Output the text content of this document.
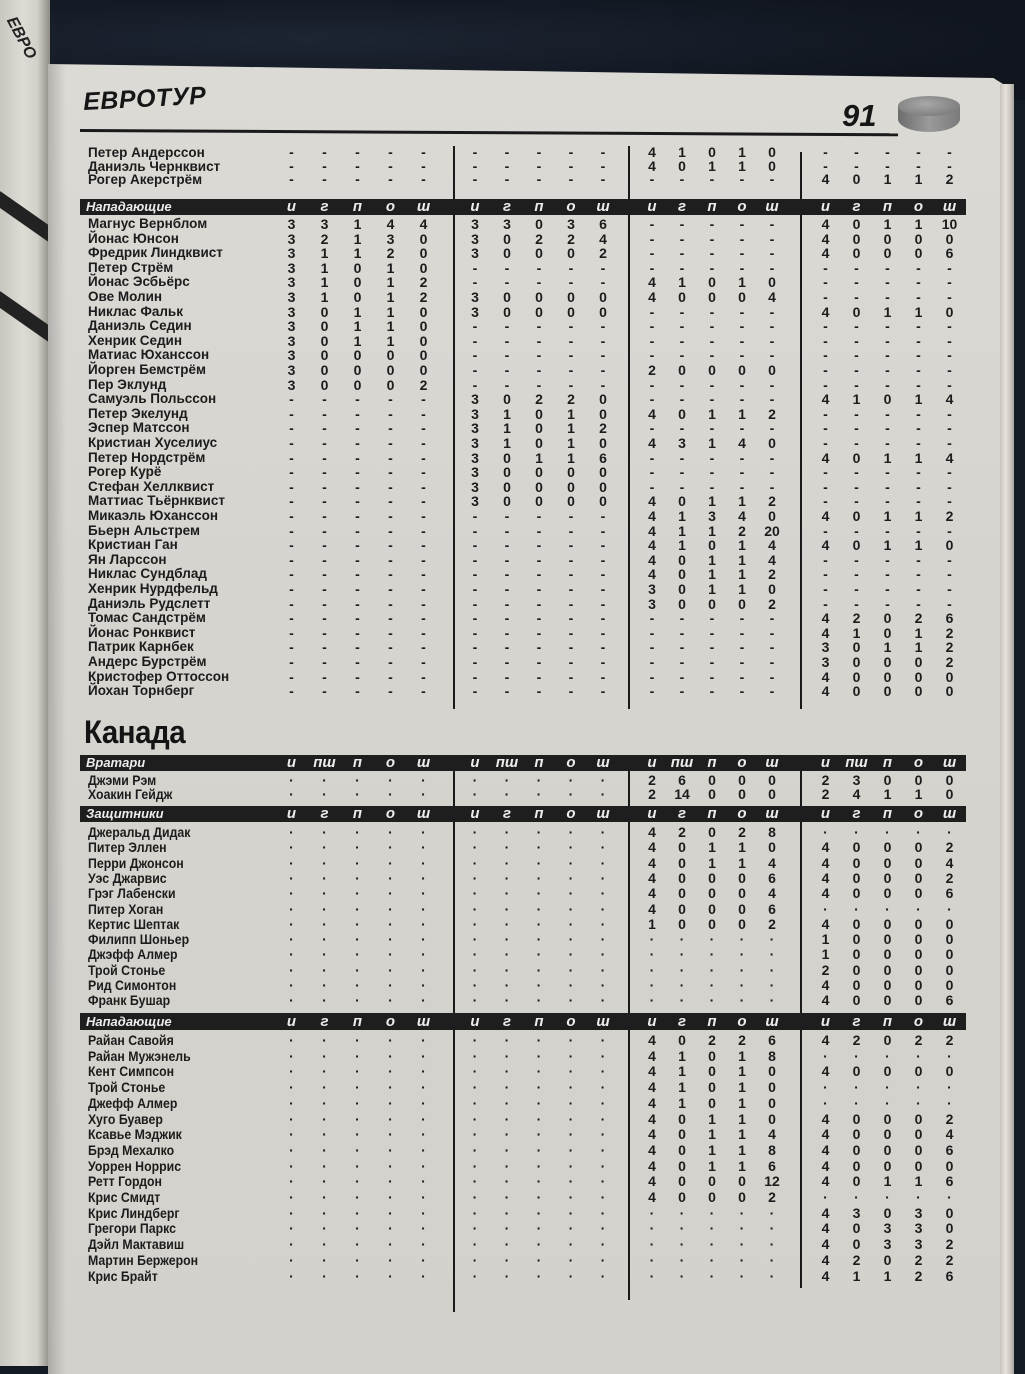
ЕВРО
ЕВРОТУР	91
Петер Андерссон	-	-	-	-	-	-	-	-	-	-	4	1	0	1	0	-	-	-	-	-
Даниэль Чернквист	-	-	-	-	-	-	-	-	-	-	4	0	1	1	0	-	-	-	-	-
Рогер Акерстрём	-	-	-	-	-	-	-	-	-	-	-	-	-	-	-	4	0	1	1	2
Нападающие	и	г	п	о	ш	и	г	п	о	ш	и	г	п	о	ш	и	г	п	о	ш
Магнус Вернблом	3	3	1	4	4	3	3	0	3	6	-	-	-	-	-	4	0	1	1	10
Йонас Юнсон	3	2	1	3	0	3	0	2	2	4	-	-	-	-	-	4	0	0	0	0
Фредрик Линдквист	3	1	1	2	0	3	0	0	0	2	-	-	-	-	-	4	0	0	0	6
Петер Стрём	3	1	0	1	0	-	-	-	-	-	-	-	-	-	-	-	-	-	-	-
Йонас Эсбьёрс	3	1	0	1	2	-	-	-	-	-	4	1	0	1	0	-	-	-	-	-
Ове Молин	3	1	0	1	2	3	0	0	0	0	4	0	0	0	4	-	-	-	-	-
Никлас Фальк	3	0	1	1	0	3	0	0	0	0	-	-	-	-	-	4	0	1	1	0
Даниэль Седин	3	0	1	1	0	-	-	-	-	-	-	-	-	-	-	-	-	-	-	-
Хенрик Седин	3	0	1	1	0	-	-	-	-	-	-	-	-	-	-	-	-	-	-	-
Матиас Юханссон	3	0	0	0	0	-	-	-	-	-	-	-	-	-	-	-	-	-	-	-
Йорген Бемстрём	3	0	0	0	0	-	-	-	-	-	2	0	0	0	0	-	-	-	-	-
Пер Эклунд	3	0	0	0	2	-	-	-	-	-	-	-	-	-	-	-	-	-	-	-
Самуэль Польссон	-	-	-	-	-	3	0	2	2	0	-	-	-	-	-	4	1	0	1	4
Петер Экелунд	-	-	-	-	-	3	1	0	1	0	4	0	1	1	2	-	-	-	-	-
Эспер Матссон	-	-	-	-	-	3	1	0	1	2	-	-	-	-	-	-	-	-	-	-
Кристиан Хуселиус	-	-	-	-	-	3	1	0	1	0	4	3	1	4	0	-	-	-	-	-
Петер Нордстрём	-	-	-	-	-	3	0	1	1	6	-	-	-	-	-	4	0	1	1	4
Рогер Курё	-	-	-	-	-	3	0	0	0	0	-	-	-	-	-	-	-	-	-	-
Стефан Хеллквист	-	-	-	-	-	3	0	0	0	0	-	-	-	-	-	-	-	-	-	-
Маттиас Тьёрнквист	-	-	-	-	-	3	0	0	0	0	4	0	1	1	2	-	-	-	-	-
Микаэль Юханссон	-	-	-	-	-	-	-	-	-	-	4	1	3	4	0	4	0	1	1	2
Бьерн Альстрем	-	-	-	-	-	-	-	-	-	-	4	1	1	2	20	-	-	-	-	-
Кристиан Ган	-	-	-	-	-	-	-	-	-	-	4	1	0	1	4	4	0	1	1	0
Ян Ларссон	-	-	-	-	-	-	-	-	-	-	4	0	1	1	4	-	-	-	-	-
Никлас Сундблад	-	-	-	-	-	-	-	-	-	-	4	0	1	1	2	-	-	-	-	-
Хенрик Нурдфельд	-	-	-	-	-	-	-	-	-	-	3	0	1	1	0	-	-	-	-	-
Даниэль Рудслетт	-	-	-	-	-	-	-	-	-	-	3	0	0	0	2	-	-	-	-	-
Томас Сандстрём	-	-	-	-	-	-	-	-	-	-	-	-	-	-	-	4	2	0	2	6
Йонас Ронквист	-	-	-	-	-	-	-	-	-	-	-	-	-	-	-	4	1	0	1	2
Патрик Карнбек	-	-	-	-	-	-	-	-	-	-	-	-	-	-	-	3	0	1	1	2
Андерс Бурстрём	-	-	-	-	-	-	-	-	-	-	-	-	-	-	-	3	0	0	0	2
Кристофер Оттоссон	-	-	-	-	-	-	-	-	-	-	-	-	-	-	-	4	0	0	0	0
Йохан Торнберг	-	-	-	-	-	-	-	-	-	-	-	-	-	-	-	4	0	0	0	0
Канада
Вратари	и	пш	п	о	ш	и	пш	п	о	ш	и пш п	о	ш	и	пш	п	о	ш
Джэми Рэм	·	·	·	·	·	·	·	·	·	·	2	6	0	0	0	2	3	0	0	0
Хоакин Гейдж	·	·	·	·	·	·	·	·	·	·	2	14	0	0	0	2	4	1	1	0
Защитники	и	г	п	о	ш	и	г	п	о	ш	и	г	п	о	ш	и	г	п	о	ш
Джеральд Дидак	·	·	·	·	·	·	·	·	·	·	4	2	0	2	8	·	·	·	·	·
Питер Эллен	·	·	·	·	·	·	·	·	·	·	4	0	1	1	0	4	0	0	0	2
Перри Джонсон	·	·	·	·	·	·	·	·	·	·	4	0	1	1	4	4	0	0	0	4
Уэс Джарвис	·	·	·	·	·	·	·	·	·	·	4	0	0	0	6	4	0	0	0	2
Грэг Лабенски	·	·	·	·	·	·	·	·	·	·	4	0	0	0	4	4	0	0	0	6
Питер Хоган	·	·	·	·	·	·	·	·	·	·	4	0	0	0	6	·	·	·	·	·
Кертис Шептак	·	·	·	·	·	·	·	·	·	·	1	0	0	0	2	4	0	0	0	0
Филипп Шоньер	·	·	·	·	·	·	·	·	·	·	·	·	·	·	·	1	0	0	0	0
Джэфф Алмер	·	·	·	·	·	·	·	·	·	·	·	·	·	·	·	1	0	0	0	0
Трой Стонье	·	·	·	·	·	·	·	·	·	·	·	·	·	·	·	2	0	0	0	0
Рид Симонтон	·	·	·	·	·	·	·	·	·	·	·	·	·	·	·	4	0	0	0	0
Франк Бушар	·	·	·	·	·	·	·	·	·	·	·	·	·	·	·	4	0	0	0	6
Нападающие	и	г	п	о	ш	и	г	п	о	ш	и	г	п	о	ш	и	г	п	о	ш
Райан Савойя	·	·	·	·	·	·	·	·	·	·	4	0	2	2	6	4	2	0	2	2
Райан Мужэнель	·	·	·	·	·	·	·	·	·	·	4	1	0	1	8	·	·	·	·	·
Кент Симпсон	·	·	·	·	·	·	·	·	·	·	4	1	0	1	0	4	0	0	0	0
Трой Стонье	·	·	·	·	·	·	·	·	·	·	4	1	0	1	0	·	·	·	·	·
Джефф Алмер	·	·	·	·	·	·	·	·	·	·	4	1	0	1	0	·	·	·	·	·
Хуго Буавер	·	·	·	·	·	·	·	·	·	·	4	0	1	1	0	4	0	0	0	2
Ксавье Мэджик	·	·	·	·	·	·	·	·	·	·	4	0	1	1	4	4	0	0	0	4
Брэд Мехалко	·	·	·	·	·	·	·	·	·	·	4	0	1	1	8	4	0	0	0	6
Уоррен Норрис	·	·	·	·	·	·	·	·	·	·	4	0	1	1	6	4	0	0	0	0
Ретт Гордон	·	·	·	·	·	·	·	·	·	·	4	0	0	0	12	4	0	1	1	6
Крис Смидт	·	·	·	·	·	·	·	·	·	·	4	0	0	0	2	·	·	·	·	·
Крис Линдберг	·	·	·	·	·	·	·	·	·	·	·	·	·	·	·	4	3	0	3	0
Грегори Паркс	·	·	·	·	·	·	·	·	·	·	·	·	·	·	·	4	0	3	3	0
Дэйл Мактавиш	·	·	·	·	·	·	·	·	·	·	·	·	·	·	·	4	0	3	3	2
Мартин Бержерон	·	·	·	·	·	·	·	·	·	·	·	·	·	·	·	4	2	0	2	2
Крис Брайт	·	·	·	·	·	·	·	·	·	·	·	·	·	·	·	4	1	1	2	6
